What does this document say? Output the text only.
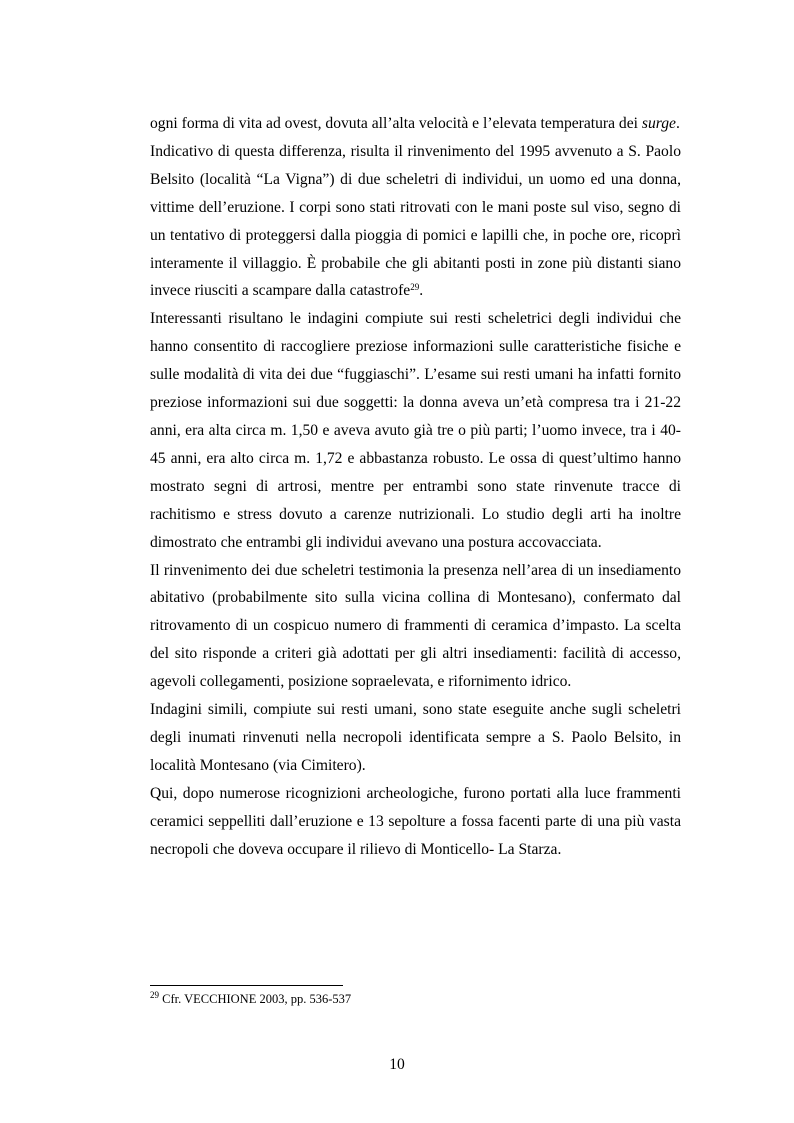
ogni forma di vita ad ovest, dovuta all’alta velocità e l’elevata temperatura dei surge.

Indicativo di questa differenza, risulta il rinvenimento del 1995 avvenuto a S. Paolo Belsito (località “La Vigna”) di due scheletri di individui, un uomo ed una donna, vittime dell’eruzione. I corpi sono stati ritrovati con le mani poste sul viso, segno di un tentativo di proteggersi dalla pioggia di pomici e lapilli che, in poche ore, ricoprì interamente il villaggio. È probabile che gli abitanti posti in zone più distanti siano invece riusciti a scampare dalla catastrofe$^{29}$.

Interessanti risultano le indagini compiute sui resti scheletrici degli individui che hanno consentito di raccogliere preziose informazioni sulle caratteristiche fisiche e sulle modalità di vita dei due “fuggiaschi”. L’esame sui resti umani ha infatti fornito preziose informazioni sui due soggetti: la donna aveva un’età compresa tra i 21-22 anni, era alta circa m. 1,50 e aveva avuto già tre o più parti; l’uomo invece, tra i 40-45 anni, era alto circa m. 1,72 e abbastanza robusto. Le ossa di quest’ultimo hanno mostrato segni di artrosi, mentre per entrambi sono state rinvenute tracce di rachitismo e stress dovuto a carenze nutrizionali. Lo studio degli arti ha inoltre dimostrato che entrambi gli individui avevano una postura accovacciata.

Il rinvenimento dei due scheletri testimonia la presenza nell’area di un insediamento abitativo (probabilmente sito sulla vicina collina di Montesano), confermato dal ritrovamento di un cospicuo numero di frammenti di ceramica d’impasto. La scelta del sito risponde a criteri già adottati per gli altri insediamenti: facilità di accesso, agevoli collegamenti, posizione sopraelevata, e rifornimento idrico.

Indagini simili, compiute sui resti umani, sono state eseguite anche sugli scheletri degli inumati rinvenuti nella necropoli identificata sempre a S. Paolo Belsito, in località Montesano (via Cimitero).

Qui, dopo numerose ricognizioni archeologiche, furono portati alla luce frammenti ceramici seppelliti dall’eruzione e 13 sepolture a fossa facenti parte di una più vasta necropoli che doveva occupare il rilievo di Monticello- La Starza.

$^{29}$ Cfr. VECCHIONE 2003, pp. 536-537
10
